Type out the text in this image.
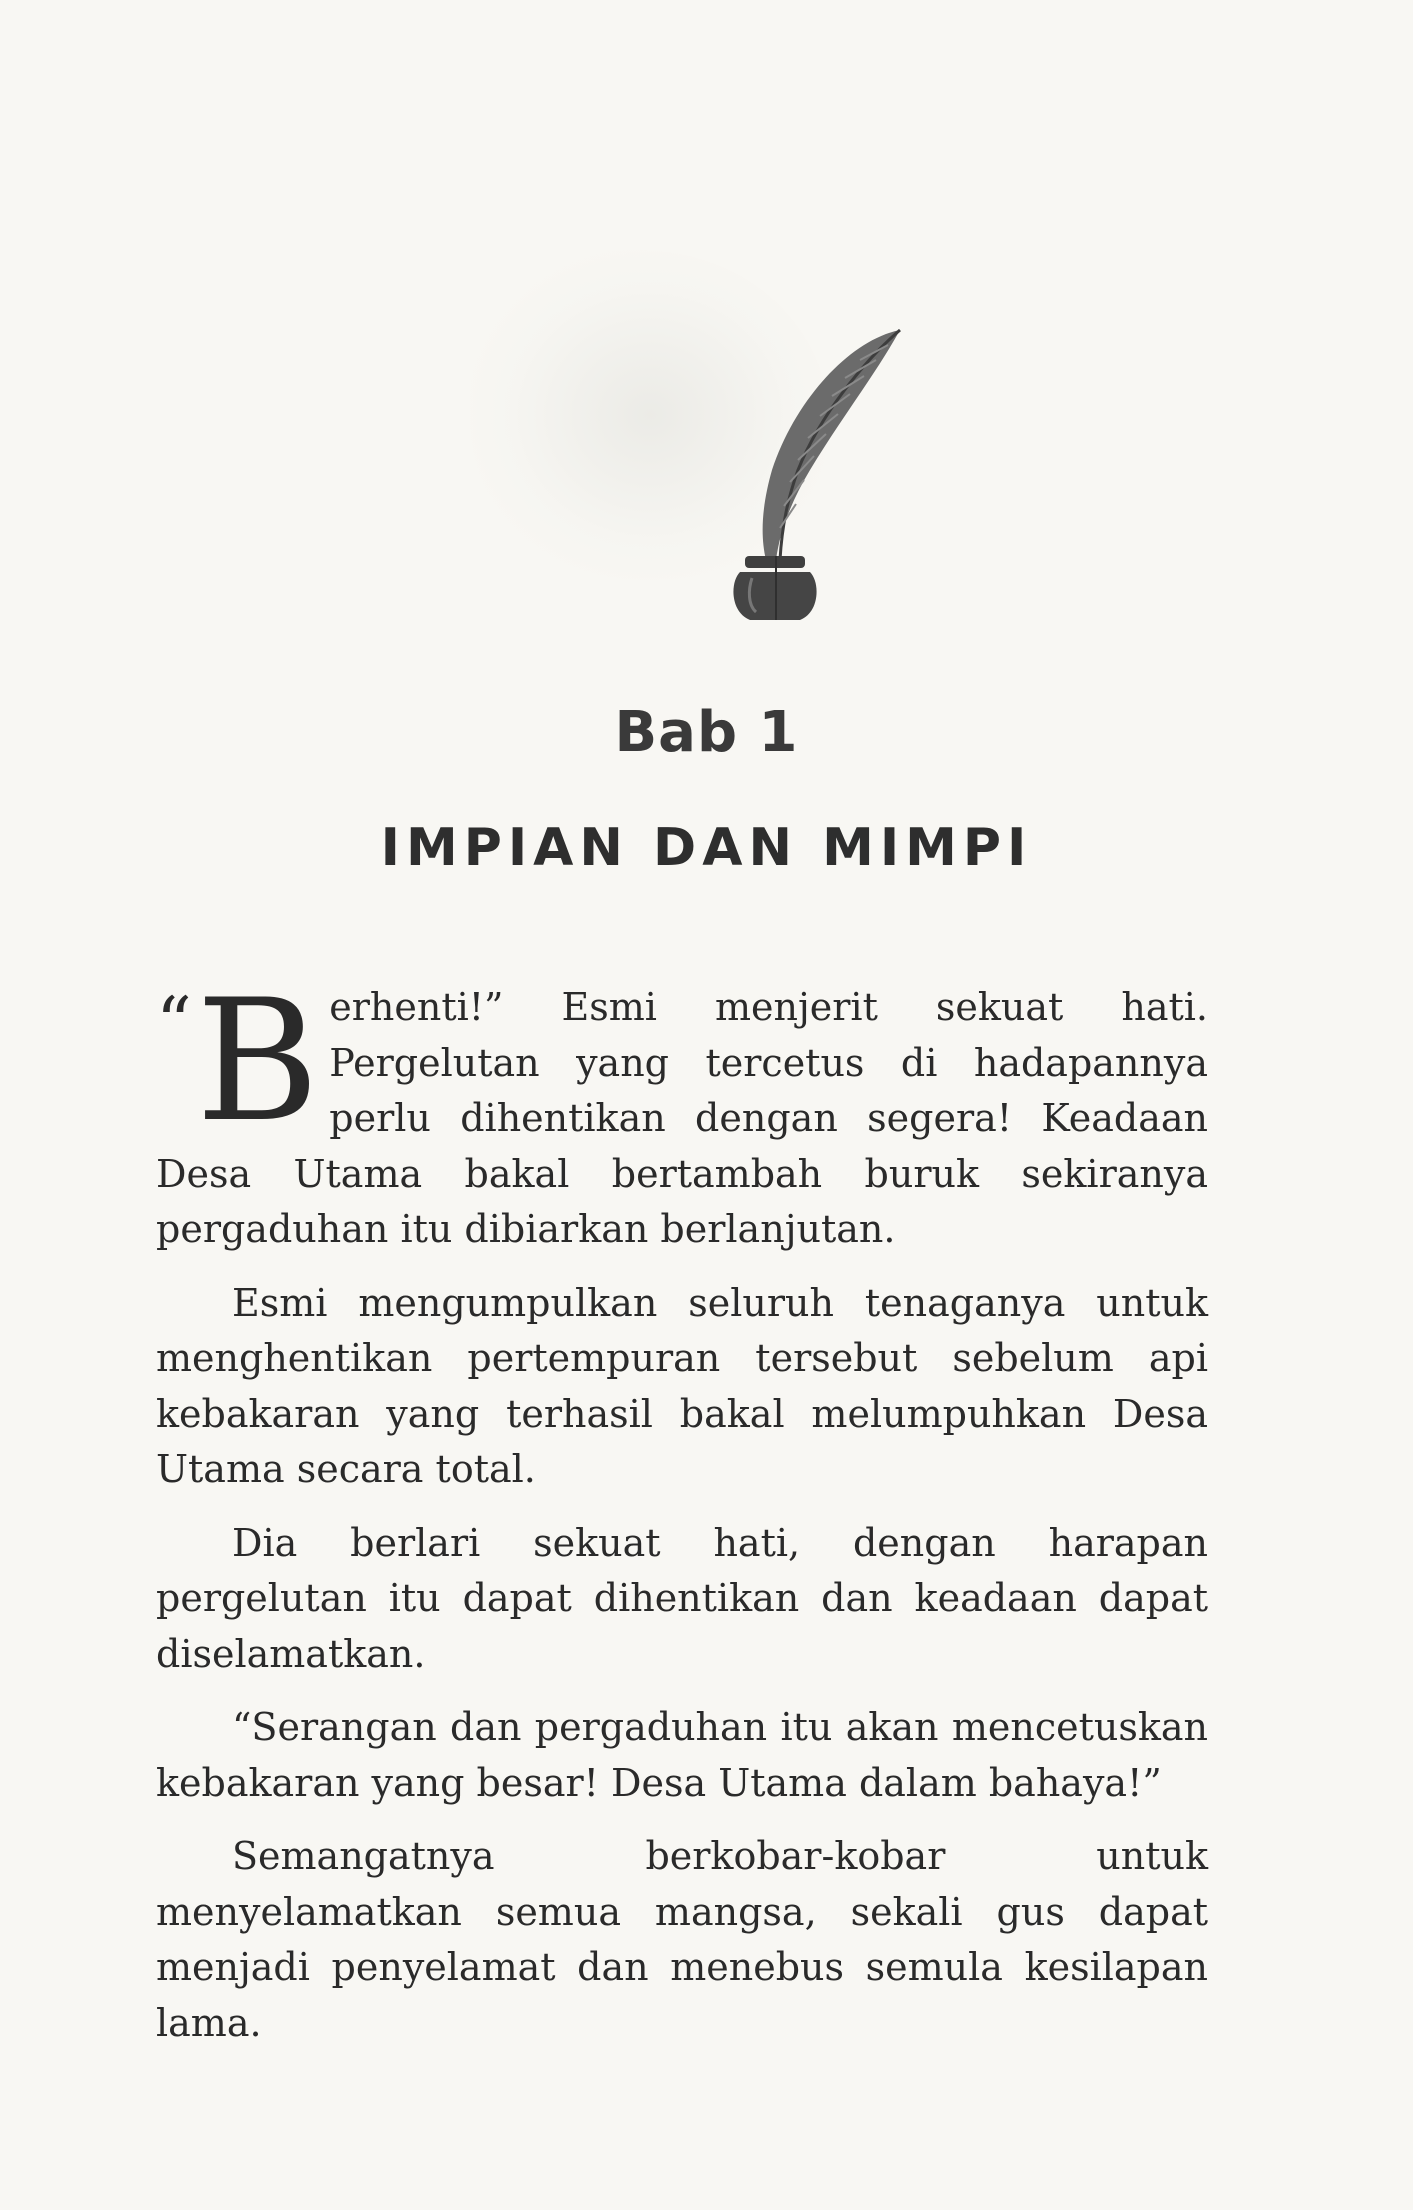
Bab 1
IMPIAN DAN MIMPI

“ B erhenti!” Esmi menjerit sekuat hati. Pergelutan yang tercetus di hadapannya perlu dihentikan dengan segera! Keadaan Desa Utama bakal bertambah buruk sekiranya pergaduhan itu dibiarkan berlanjutan.

Esmi mengumpulkan seluruh tenaganya untuk menghentikan pertempuran tersebut sebelum api kebakaran yang terhasil bakal melumpuhkan Desa Utama secara total.

Dia berlari sekuat hati, dengan harapan pergelutan itu dapat dihentikan dan keadaan dapat diselamatkan.

“Serangan dan pergaduhan itu akan mencetuskan kebakaran yang besar! Desa Utama dalam bahaya!”

Semangatnya berkobar-kobar untuk menyelamatkan semua mangsa, sekali gus dapat menjadi penyelamat dan menebus semula kesilapan lama.
